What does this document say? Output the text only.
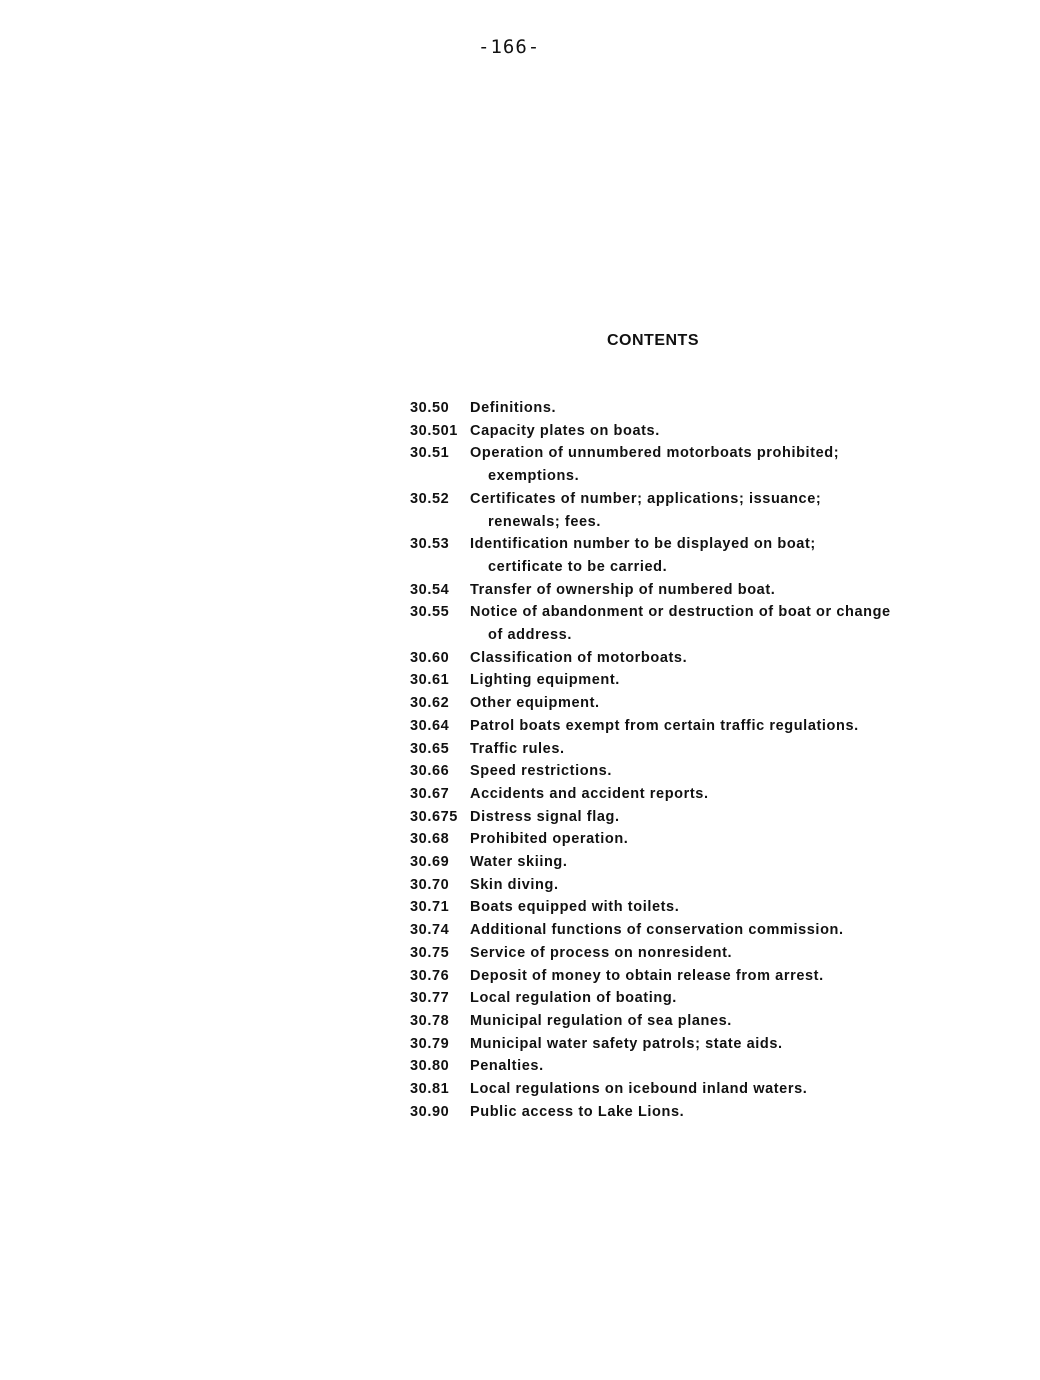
-166-
CONTENTS
30.50	Definitions.
30.501 Capacity plates on boats.
30.51	Operation of unnumbered motorboats prohibited;
exemptions.
30.52	Certificates of number; applications; issuance;
renewals; fees.
30.53	Identification number to be displayed on boat;
certificate to be carried.
30.54	Transfer of ownership of numbered boat.
30.55	Notice of abandonment or destruction of boat or change
of address.
30.60	Classification of motorboats.
30.61	Lighting equipment.
30.62	Other equipment.
30.64	Patrol boats exempt from certain traffic regulations.
30.65	Traffic rules.
30.66	Speed restrictions.
30.67	Accidents and accident reports.
30.675 Distress signal flag.
30.68	Prohibited operation.
30.69	Water skiing.
30.70	Skin diving.
30.71	Boats equipped with toilets.
30.74	Additional functions of conservation commission.
30.75	Service of process on nonresident.
30.76	Deposit of money to obtain release from arrest.
30.77	Local regulation of boating.
30.78	Municipal regulation of sea planes.
30.79	Municipal water safety patrols; state aids.
30.80	Penalties.
30.81	Local regulations on icebound inland waters.
30.90	Public access to Lake Lions.
